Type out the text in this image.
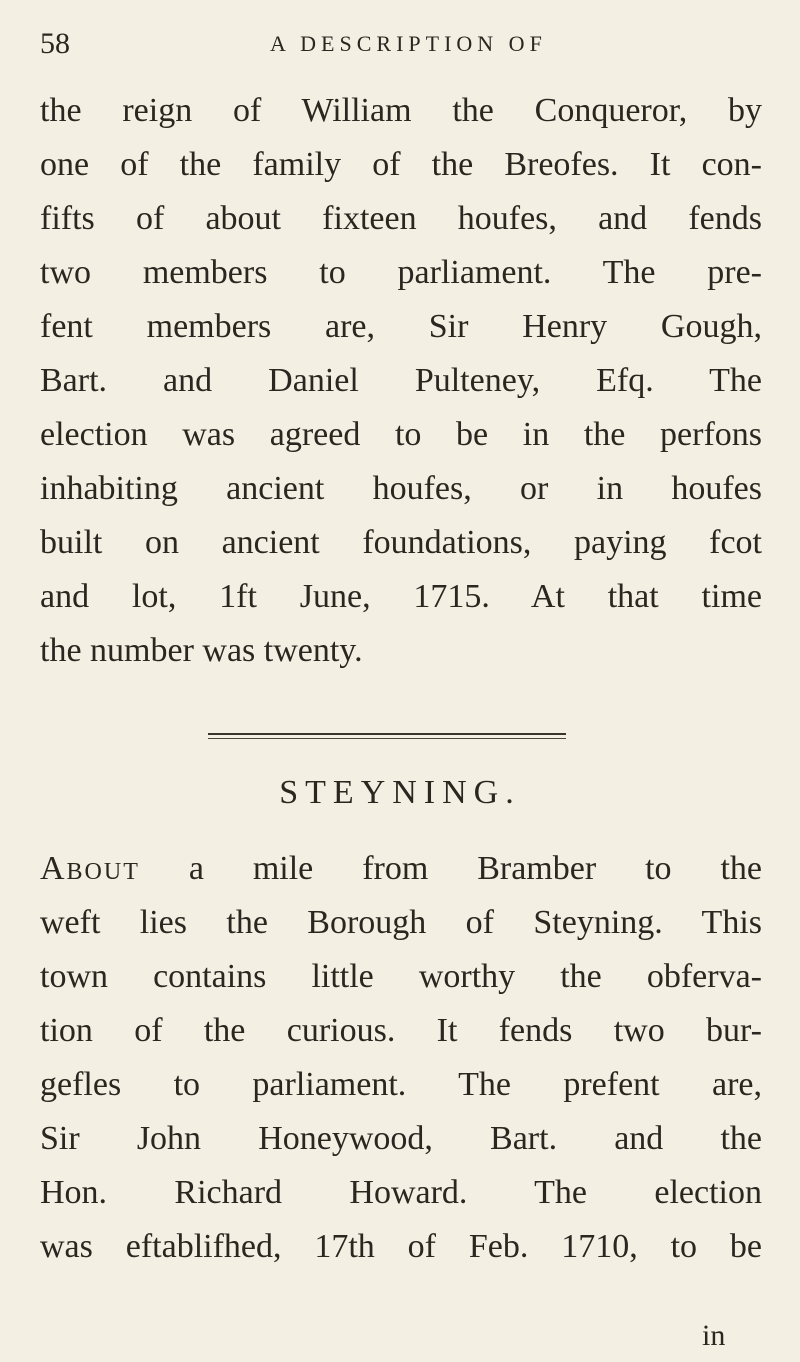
58	A DESCRIPTION OF
the reign of William the Conqueror, by
one of the family of the Breofes. It con-
fifts of about fixteen houfes, and fends
two members to parliament. The pre-
fent members are, Sir Henry Gough,
Bart. and Daniel Pulteney, Efq. The
election was agreed to be in the perfons
inhabiting ancient houfes, or in houfes
built on ancient foundations, paying fcot
and lot, 1ft June, 1715. At that time
the number was twenty.
STEYNING.
About a mile from Bramber to the
weft lies the Borough of Steyning. This
town contains little worthy the obferva-
tion of the curious. It fends two bur-
gefles to parliament. The prefent are,
Sir John Honeywood, Bart. and the
Hon. Richard Howard. The election
was eftablifhed, 17th of Feb. 1710, to be
in
